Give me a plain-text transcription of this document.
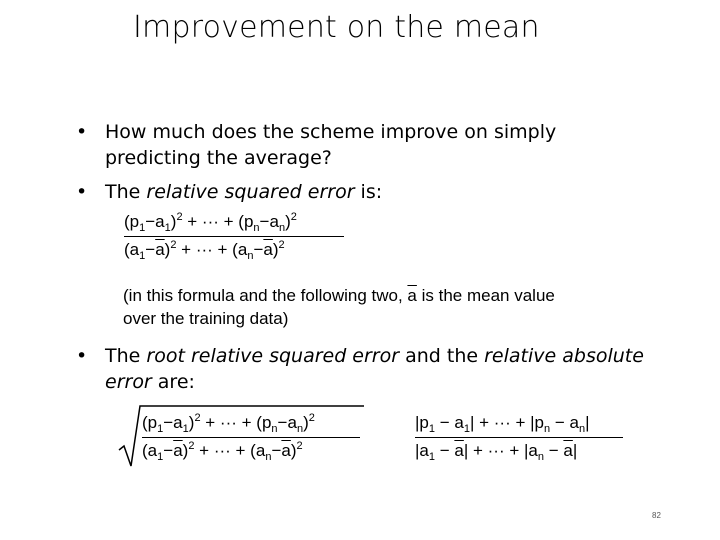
Improvement on the mean
• How much does the scheme improve on simply
predicting the average?
• The relative squared error is:
$(p_1-a_1)^2$ + ··· + $(p_n-a_n)^2$
$(a_1-\overline{a})^2$ + ··· + $(a_n-\overline{a})^2$
(in this formula and the following two, $\overline{a}$ is the mean value
over the training data)
• The root relative squared error and the relative absolute
error are:
$(p_1-a_1)^2$ + ··· + $(p_n-a_n)^2$
$(a_1-\overline{a})^2$ + ··· + $(a_n-\overline{a})^2$
$|p_1 - a_1|$ + ··· + $|p_n - a_n|$
$|a_1 - \overline{a}|$ + ··· + $|a_n - \overline{a}|$
82
